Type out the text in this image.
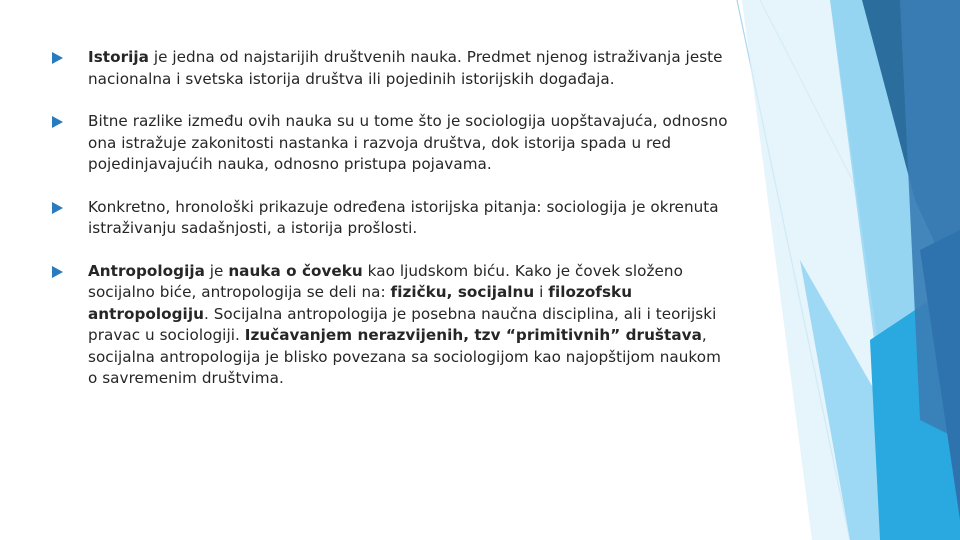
Istorija je jedna od najstarijih društvenih nauka. Predmet njenog istraživanja jeste nacionalna i svetska istorija društva ili pojedinih istorijskih događaja.
Bitne razlike između ovih nauka su u tome što je sociologija uopštavajuća, odnosno ona istražuje zakonitosti nastanka i razvoja društva, dok istorija spada u red pojedinjavajućih nauka, odnosno pristupa pojavama.
Konkretno, hronološki prikazuje određena istorijska pitanja: sociologija je okrenuta istraživanju sadašnjosti, a istorija prošlosti.
Antropologija je nauka o čoveku kao ljudskom biću. Kako je čovek složeno socijalno biće, antropologija se deli na: fizičku, socijalnu i filozofsku antropologiju. Socijalna antropologija je posebna naučna disciplina, ali i teorijski pravac u sociologiji. Izučavanjem nerazvijenih, tzv “primitivnih” društava, socijalna antropologija je blisko povezana sa sociologijom kao najopštijom naukom o savremenim društvima.
